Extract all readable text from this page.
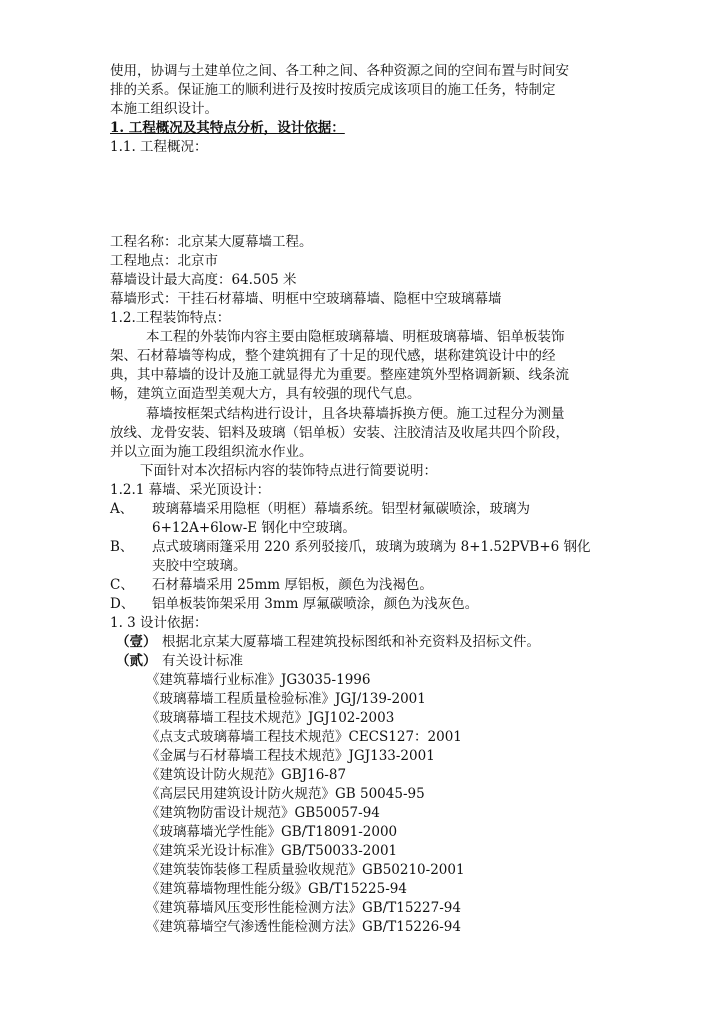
使用，协调与土建单位之间、各工种之间、各种资源之间的空间布置与时间安
排的关系。保证施工的顺利进行及按时按质完成该项目的施工任务，特制定
本施工组织设计。
1. 工程概况及其特点分析，设计依据：
1.1. 工程概况：
工程名称：北京某大厦幕墙工程。
工程地点：北京市
幕墙设计最大高度：64.505 米
幕墙形式：干挂石材幕墙、明框中空玻璃幕墙、隐框中空玻璃幕墙
1.2.工程装饰特点：
本工程的外装饰内容主要由隐框玻璃幕墙、明框玻璃幕墙、铝单板装饰
架、石材幕墙等构成，整个建筑拥有了十足的现代感，堪称建筑设计中的经
典，其中幕墙的设计及施工就显得尤为重要。整座建筑外型格调新颖、线条流
畅，建筑立面造型美观大方，具有较强的现代气息。
幕墙按框架式结构进行设计，且各块幕墙拆换方便。施工过程分为测量
放线、龙骨安装、铝料及玻璃（铝单板）安装、注胶清洁及收尾共四个阶段，
并以立面为施工段组织流水作业。
下面针对本次招标内容的装饰特点进行简要说明：
1.2.1 幕墙、采光顶设计：
A、 玻璃幕墙采用隐框（明框）幕墙系统。铝型材氟碳喷涂，玻璃为
6+12A+6low-E 钢化中空玻璃。
B、 点式玻璃雨篷采用 220 系列驳接爪，玻璃为玻璃为 8+1.52PVB+6 钢化
夹胶中空玻璃。
C、 石材幕墙采用 25mm 厚铝板，颜色为浅褐色。
D、 铝单板装饰架采用 3mm 厚氟碳喷涂，颜色为浅灰色。
1. 3 设计依据：
（壹） 根据北京某大厦幕墙工程建筑投标图纸和补充资料及招标文件。
（贰） 有关设计标准
《建筑幕墙行业标准》JG3035-1996
《玻璃幕墙工程质量检验标准》JGJ/139-2001
《玻璃幕墙工程技术规范》JGJ102-2003
《点支式玻璃幕墙工程技术规范》CECS127：2001
《金属与石材幕墙工程技术规范》JGJ133-2001
《建筑设计防火规范》GBJ16-87
《高层民用建筑设计防火规范》GB 50045-95
《建筑物防雷设计规范》GB50057-94
《玻璃幕墙光学性能》GB/T18091-2000
《建筑采光设计标准》GB/T50033-2001
《建筑装饰装修工程质量验收规范》GB50210-2001
《建筑幕墙物理性能分级》GB/T15225-94
《建筑幕墙风压变形性能检测方法》GB/T15227-94
《建筑幕墙空气渗透性能检测方法》GB/T15226-94
